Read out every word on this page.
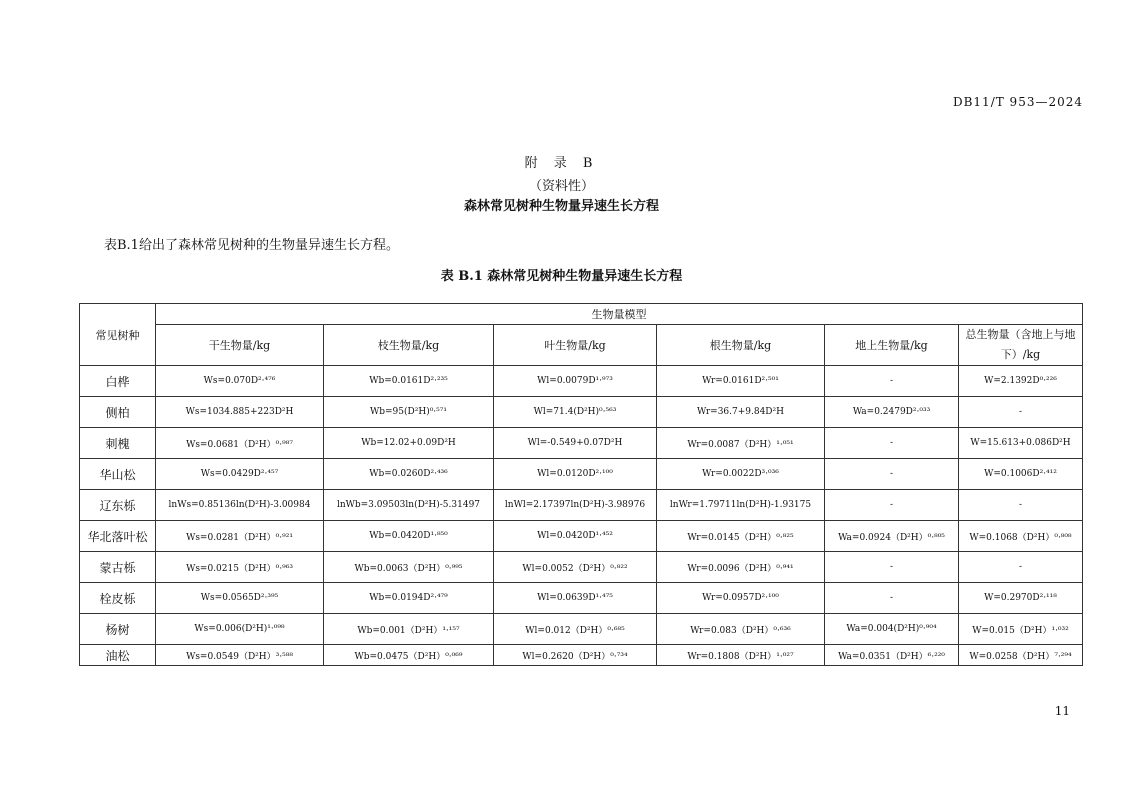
DB11/T 953—2024
附 录 B
（资料性）
森林常见树种生物量异速生长方程
表B.1给出了森林常见树种的生物量异速生长方程。
表 B.1 森林常见树种生物量异速生长方程
常见树种	生物量模型					
	干生物量/kg	枝生物量/kg	叶生物量/kg	根生物量/kg	地上生物量/kg	总生物量（含地上与地下）/kg
白桦	Ws=0.070D²·⁴⁷⁶	Wb=0.0161D²·²³⁵	Wl=0.0079D¹·⁹⁷³	Wr=0.0161D²·⁵⁰¹	-	W=2.1392D⁰·²²⁶
侧柏	Ws=1034.885+223D²H	Wb=95(D²H)⁰·⁵⁷¹	Wl=71.4(D²H)⁰·⁵⁶³	Wr=36.7+9.84D²H	Wa=0.2479D²·⁰³³	-
刺槐	Ws=0.0681（D²H）⁰·⁹⁸⁷	Wb=12.02+0.09D²H	Wl=-0.549+0.07D²H	Wr=0.0087（D²H）¹·⁰⁵¹	-	W=15.613+0.086D²H
华山松	Ws=0.0429D²·⁴⁵⁷	Wb=0.0260D²·⁴³⁶	Wl=0.0120D²·¹⁰⁰	Wr=0.0022D³·⁰³⁶	-	W=0.1006D²·⁴¹²
辽东栎	lnWs=0.85136ln(D²H)-3.00984	lnWb=3.09503ln(D²H)-5.31497	lnWl=2.17397ln(D²H)-3.98976	lnWr=1.79711ln(D²H)-1.93175	-	-
华北落叶松	Ws=0.0281（D²H）⁰·⁹²¹	Wb=0.0420D¹·⁸⁵⁰	Wl=0.0420D¹·⁴⁵²	Wr=0.0145（D²H）⁰·⁸²⁵	Wa=0.0924（D²H）⁰·⁸⁰⁵	W=0.1068（D²H）⁰·⁸⁰⁸
蒙古栎	Ws=0.0215（D²H）⁰·⁹⁶³	Wb=0.0063（D²H）⁰·⁹⁹⁵	Wl=0.0052（D²H）⁰·⁸²²	Wr=0.0096（D²H）⁰·⁹⁴¹	-	-
栓皮栎	Ws=0.0565D²·³⁹⁵	Wb=0.0194D²·⁴⁷⁹	Wl=0.0639D¹·⁴⁷⁵	Wr=0.0957D²·¹⁰⁰	-	W=0.2970D²·¹¹⁸
杨树	Ws=0.006(D²H)¹·⁰⁹⁸	Wb=0.001（D²H）¹·¹⁵⁷	Wl=0.012（D²H）⁰·⁶⁸⁵	Wr=0.083（D²H）⁰·⁶³⁶	Wa=0.004(D²H)⁰·⁹⁰⁴	W=0.015（D²H）¹·⁰³²
油松	Ws=0.0549（D²H）³·⁵⁸⁸	Wb=0.0475（D²H）⁰·⁰⁶⁹	Wl=0.2620（D²H）⁰·⁷³⁴	Wr=0.1808（D²H）¹·⁰²⁷	Wa=0.0351（D²H）⁶·²²⁰	W=0.0258（D²H）⁷·²⁹⁴
11
